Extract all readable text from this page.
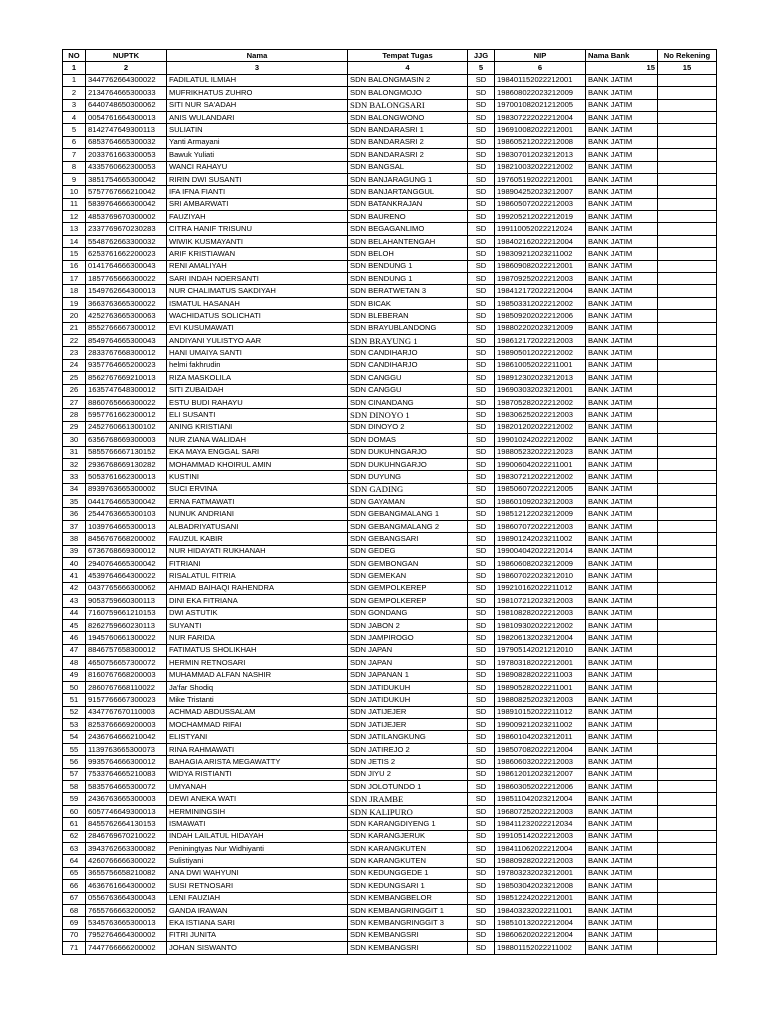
NO	NUPTK	Nama	Tempat Tugas	JJG	NIP	Nama Bank	No Rekening
1	2	3	4	5	6	15	15
1	3447762664300022	FADILATUL ILMIAH	SDN BALONGMASIN 2	SD	198401152022212001	BANK JATIM	
2	2134764665300033	MUFRIKHATUS ZUHRO	SDN BALONGMOJO	SD	198608022023212009	BANK JATIM	
3	6440748650300062	SITI NUR SA'ADAH	SDN BALONGSARI	SD	197001082021212005	BANK JATIM	
4	0054761664300013	ANIS WULANDARI	SDN BALONGWONO	SD	198307222022212004	BANK JATIM	
5	8142747649300113	SULIATIN	SDN BANDARASRI 1	SD	196910082022212001	BANK JATIM	
6	6853764665300032	Yanti Armayani	SDN BANDARASRI 2	SD	198605212022212008	BANK JATIM	
7	2033761663300053	Bawuk Yuliati	SDN BANDARASRI 2	SD	198307012023212013	BANK JATIM	
8	4335760662300053	WANCI RAHAYU	SDN BANGSAL	SD	198210032022212002	BANK JATIM	
9	3851754665300042	RIRIN DWI SUSANTI	SDN BANJARAGUNG 1	SD	197605192022212001	BANK JATIM	
10	5757767666210042	IFA IFNA FIANTI	SDN BANJARTANGGUL	SD	198904252023212007	BANK JATIM	
11	5839764666300042	SRI AMBARWATI	SDN BATANKRAJAN	SD	198605072022212003	BANK JATIM	
12	4853769670300002	FAUZIYAH	SDN BAURENO	SD	199205212022212019	BANK JATIM	
13	2337769670230283	CITRA HANIF TRISUNU	SDN BEGAGANLIMO	SD	199110052022212024	BANK JATIM	
14	5548762663300032	WIWIK KUSMAYANTI	SDN BELAHANTENGAH	SD	198402162022212004	BANK JATIM	
15	6253761662200023	ARIF KRISTIAWAN	SDN BELOH	SD	198309212023211002	BANK JATIM	
16	0141764666300043	RENI AMALIYAH	SDN BENDUNG 1	SD	198609082022212001	BANK JATIM	
17	1857765666300022	SARI INDAH NOERSANTI	SDN BENDUNG 1	SD	198709252022212003	BANK JATIM	
18	1549762664300013	NUR CHALIMATUS SAKDIYAH	SDN BERATWETAN 3	SD	198412172022212004	BANK JATIM	
19	3663763665300022	ISMATUL HASANAH	SDN BICAK	SD	198503312022212002	BANK JATIM	
20	4252763665300063	WACHIDATUS SOLICHATI	SDN BLEBERAN	SD	198509202022212006	BANK JATIM	
21	8552766667300012	EVI KUSUMAWATI	SDN BRAYUBLANDONG	SD	198802202023212009	BANK JATIM	
22	8549764665300043	ANDIYANI YULISTYO AAR	SDN BRAYUNG 1	SD	198612172022212003	BANK JATIM	
23	2833767668300012	HANI UMAIYA SANTI	SDN CANDIHARJO	SD	198905012022212002	BANK JATIM	
24	9357764665200023	helmi fakhrudin	SDN CANDIHARJO	SD	198610052022211001	BANK JATIM	
25	8562767669210013	RIZA MASKOLILA	SDN CANGGU	SD	198912302023212013	BANK JATIM	
26	1635747648300012	SITI ZUBAIDAH	SDN CANGGU	SD	196903032023212001	BANK JATIM	
27	8860765666300022	ESTU BUDI RAHAYU	SDN CINANDANG	SD	198705282022212002	BANK JATIM	
28	5957761662300012	ELI SUSANTI	SDN DINOYO 1	SD	198306252022212003	BANK JATIM	
29	2452760661300102	ANING KRISTIANI	SDN DINOYO 2	SD	198201202022212002	BANK JATIM	
30	6356768669300003	NUR ZIANA WALIDAH	SDN DOMAS	SD	199010242022212002	BANK JATIM	
31	5855766667130152	EKA MAYA ENGGAL SARI	SDN DUKUHNGARJO	SD	198805232022212023	BANK JATIM	
32	2936768669130282	MOHAMMAD KHOIRUL AMIN	SDN DUKUHNGARJO	SD	199006042022211001	BANK JATIM	
33	5053761662300013	KUSTINI	SDN DUYUNG	SD	198307212022212002	BANK JATIM	
34	8939763665300002	SUCI ERVINA	SDN GADING	SD	198506072022212005	BANK JATIM	
35	0441764665300042	ERNA FATMAWATI	SDN GAYAMAN	SD	198601092023212003	BANK JATIM	
36	2544763665300103	NUNUK ANDRIANI	SDN GEBANGMALANG 1	SD	198512122023212009	BANK JATIM	
37	1039764665300013	ALBADRIYATUSANI	SDN GEBANGMALANG 2	SD	198607072022212003	BANK JATIM	
38	8456767668200002	FAUZUL KABIR	SDN GEBANGSARI	SD	198901242023211002	BANK JATIM	
39	6736768669300012	NUR HIDAYATI RUKHANAH	SDN GEDEG	SD	199004042022212014	BANK JATIM	
40	2940764665300042	FITRIANI	SDN GEMBONGAN	SD	198606082023212009	BANK JATIM	
41	4539764664300022	RISALATUL FITRIA	SDN GEMEKAN	SD	198607022023212010	BANK JATIM	
42	0437765666300062	AHMAD BAIHAQI RAHENDRA	SDN GEMPOLKEREP	SD	199210162022211012	BANK JATIM	
43	9053759660300113	DINI EKA FITRIANA	SDN GEMPOLKEREP	SD	198107212023212003	BANK JATIM	
44	7160759661210153	DWI ASTUTIK	SDN GONDANG	SD	198108282022212003	BANK JATIM	
45	8262759660230113	SUYANTI	SDN JABON 2	SD	198109302022212002	BANK JATIM	
46	1945760661300022	NUR FARIDA	SDN JAMPIROGO	SD	198206132023212004	BANK JATIM	
47	8846757658300012	FATIMATUS SHOLIKHAH	SDN JAPAN	SD	197905142021212010	BANK JATIM	
48	4650756657300072	HERMIN RETNOSARI	SDN JAPAN	SD	197803182022212001	BANK JATIM	
49	8160767668200003	MUHAMMAD ALFAN NASHIR	SDN JAPANAN 1	SD	198908282022211003	BANK JATIM	
50	2860767668110022	Ja'far Shodiq	SDN JATIDUKUH	SD	198905282022211001	BANK JATIM	
51	9157766667300023	Mike Tristanti	SDN JATIDUKUH	SD	198808252023212003	BANK JATIM	
52	4347767670110003	ACHMAD ABDUSSALAM	SDN JATIJEJER	SD	198910152022211012	BANK JATIM	
53	8253766669200003	MOCHAMMAD RIFAI	SDN JATIJEJER	SD	199009212023211002	BANK JATIM	
54	2436764666210042	ELISTYANI	SDN JATILANGKUNG	SD	198601042023212011	BANK JATIM	
55	1139763665300073	RINA RAHMAWATI	SDN JATIREJO 2	SD	198507082022212004	BANK JATIM	
56	9935764666300012	BAHAGIA ARISTA MEGAWATTY	SDN JETIS 2	SD	198606032022212003	BANK JATIM	
57	7533764665210083	WIDYA RISTIANTI	SDN JIYU 2	SD	198612012023212007	BANK JATIM	
58	5835764665300072	UMYANAH	SDN JOLOTUNDO 1	SD	198603052022212006	BANK JATIM	
59	2436763665300003	DEWI ANEKA WATI	SDN JRAMBE	SD	198511042023212004	BANK JATIM	
60	6057746649300013	HERMININGSIH	SDN KALIPURO	SD	196807252022212003	BANK JATIM	
61	8455762664130153	ISMAWATI	SDN KARANGDIYENG 1	SD	198411232022212034	BANK JATIM	
62	2846769670210022	INDAH LAILATUL HIDAYAH	SDN KARANGJERUK	SD	199105142022212003	BANK JATIM	
63	3943762663300082	Peniningtyas Nur Widhiyanti	SDN KARANGKUTEN	SD	198411062022212004	BANK JATIM	
64	4260766666300022	Sulistiyani	SDN KARANGKUTEN	SD	198809282022212003	BANK JATIM	
65	3655756658210082	ANA DWI WAHYUNI	SDN KEDUNGGEDE 1	SD	197803232023212001	BANK JATIM	
66	4636761664300002	SUSI RETNOSARI	SDN KEDUNGSARI 1	SD	198503042023212008	BANK JATIM	
67	0556763664300043	LENI FAUZIAH	SDN KEMBANGBELOR	SD	198512242022212001	BANK JATIM	
68	7655766663200052	GANDA IRAWAN	SDN KEMBANGRINGGIT 1	SD	198403232022211001	BANK JATIM	
69	5345763665300013	EKA ISTIANA SARI	SDN KEMBANGRINGGIT 3	SD	198510132022212004	BANK JATIM	
70	7952764664300002	FITRI JUNITA	SDN KEMBANGSRI	SD	198606202022212004	BANK JATIM	
71	7447766666200002	JOHAN SISWANTO	SDN KEMBANGSRI	SD	198801152022211002	BANK JATIM	
